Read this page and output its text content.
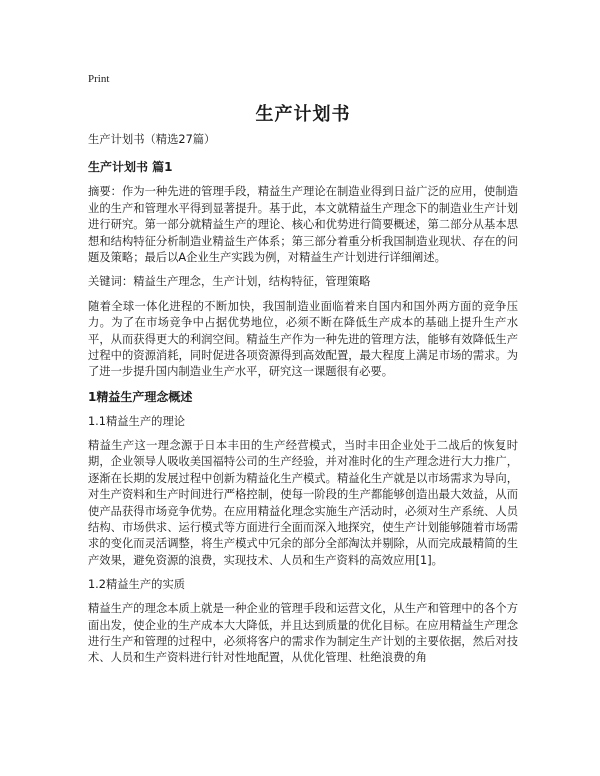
Print
生产计划书

生产计划书（精选27篇）

生产计划书 篇1

摘要：作为一种先进的管理手段，精益生产理论在制造业得到日益广泛的应用，使制造业的生产和管理水平得到显著提升。基于此，本文就精益生产理念下的制造业生产计划进行研究。第一部分就精益生产的理论、核心和优势进行简要概述，第二部分从基本思想和结构特征分析制造业精益生产体系；第三部分着重分析我国制造业现状、存在的问题及策略；最后以A企业生产实践为例，对精益生产计划进行详细阐述。

关键词：精益生产理念，生产计划，结构特征，管理策略

随着全球一体化进程的不断加快，我国制造业面临着来自国内和国外两方面的竞争压力。为了在市场竞争中占据优势地位，必须不断在降低生产成本的基础上提升生产水平，从而获得更大的利润空间。精益生产作为一种先进的管理方法，能够有效降低生产过程中的资源消耗，同时促进各项资源得到高效配置，最大程度上满足市场的需求。为了进一步提升国内制造业生产水平，研究这一课题很有必要。

1精益生产理念概述

1.1精益生产的理论

精益生产这一理念源于日本丰田的生产经营模式，当时丰田企业处于二战后的恢复时期，企业领导人吸收美国福特公司的生产经验，并对准时化的生产理念进行大力推广，逐渐在长期的发展过程中创新为精益化生产模式。精益化生产就是以市场需求为导向，对生产资料和生产时间进行严格控制，使每一阶段的生产都能够创造出最大效益，从而使产品获得市场竞争优势。在应用精益化理念实施生产活动时，必须对生产系统、人员结构、市场供求、运行模式等方面进行全面而深入地探究，使生产计划能够随着市场需求的变化而灵活调整，将生产模式中冗余的部分全部淘汰并剔除，从而完成最精简的生产效果，避免资源的浪费，实现技术、人员和生产资料的高效应用[1]。

1.2精益生产的实质

精益生产的理念本质上就是一种企业的管理手段和运营文化，从生产和管理中的各个方面出发，使企业的生产成本大大降低，并且达到质量的优化目标。在应用精益生产理念进行生产和管理的过程中，必须将客户的需求作为制定生产计划的主要依据，然后对技术、人员和生产资料进行针对性地配置，从优化管理、杜绝浪费的角
